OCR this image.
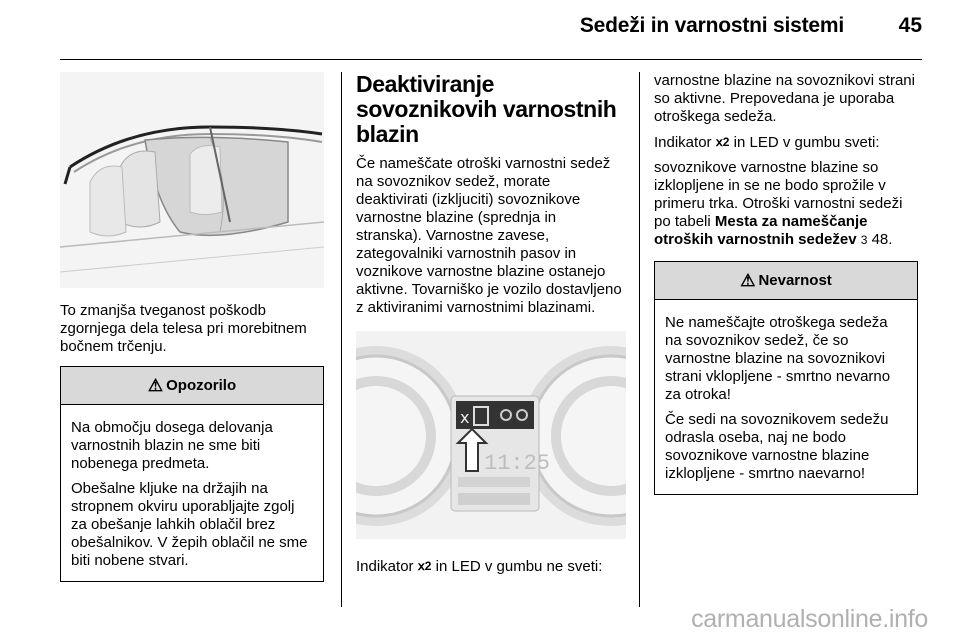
Sedeži in varnostni sistemi	45

To zmanjša tveganost poškodb zgornjega dela telesa pri morebitnem bočnem trčenju.

⚠ Opozorilo

Na območju dosega delovanja varnostnih blazin ne sme biti nobenega predmeta.

Obešalne kljuke na držajih na stropnem okviru uporabljajte zgolj za obešanje lahkih oblačil brez obešalnikov. V žepih oblačil ne sme biti nobene stvari.

Deaktiviranje sovoznikovih varnostnih blazin

Če nameščate otroški varnostni sedež na sovoznikov sedež, morate deaktivirati (izkljuciti) sovoznikove varnostne blazine (sprednja in stranska). Varnostne zavese, zategovalniki varnostnih pasov in voznikove varnostne blazine ostanejo aktivne. Tovarniško je vozilo dostavljeno z aktiviranimi varnostnimi blazinami.

ⅹ
11:25

Indikator ⅹ2 in LED v gumbu ne sveti:

varnostne blazine na sovoznikovi strani so aktivne. Prepovedana je uporaba otroškega sedeža.

Indikator ⅹ2 in LED v gumbu sveti:

sovoznikove varnostne blazine so izklopljene in se ne bodo sprožile v primeru trka. Otroški varnostni sedeži po tabeli Mesta za nameščanje otroških varnostnih sedežev 3 48.

⚠ Nevarnost

Ne nameščajte otroškega sedeža na sovoznikov sedež, če so varnostne blazine na sovoznikovi strani vklopljene - smrtno nevarno za otroka!

Če sedi na sovoznikovem sedežu odrasla oseba, naj ne bodo sovoznikove varnostne blazine izklopljene - smrtno naevarno!

carmanualsonline.info
